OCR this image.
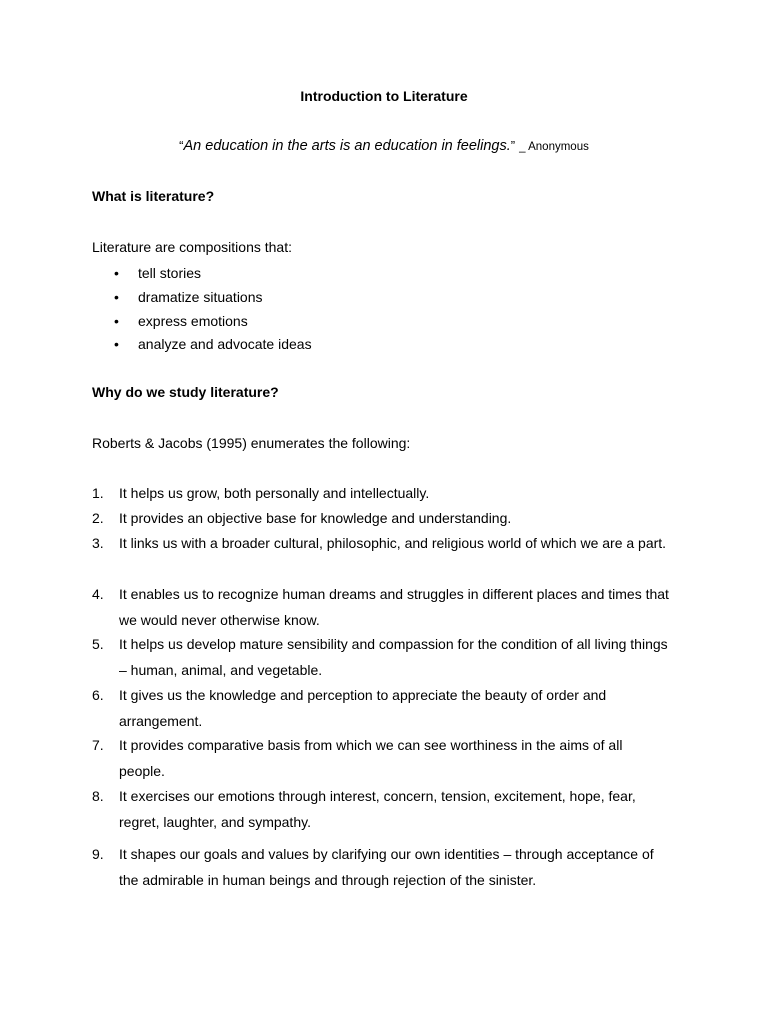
Introduction to Literature
“An education in the arts is an education in feelings.” _ Anonymous
What is literature?
Literature are compositions that:
• tell stories
• dramatize situations
• express emotions
• analyze and advocate ideas
Why do we study literature?
Roberts & Jacobs (1995) enumerates the following:
1. It helps us grow, both personally and intellectually.
2. It provides an objective base for knowledge and understanding.
3. It links us with a broader cultural, philosophic, and religious world of which we are a part.
4. It enables us to recognize human dreams and struggles in different places and times that we would never otherwise know.
5. It helps us develop mature sensibility and compassion for the condition of all living things – human, animal, and vegetable.
6. It gives us the knowledge and perception to appreciate the beauty of order and arrangement.
7. It provides comparative basis from which we can see worthiness in the aims of all people.
8. It exercises our emotions through interest, concern, tension, excitement, hope, fear, regret, laughter, and sympathy.
9. It shapes our goals and values by clarifying our own identities – through acceptance of the admirable in human beings and through rejection of the sinister.
